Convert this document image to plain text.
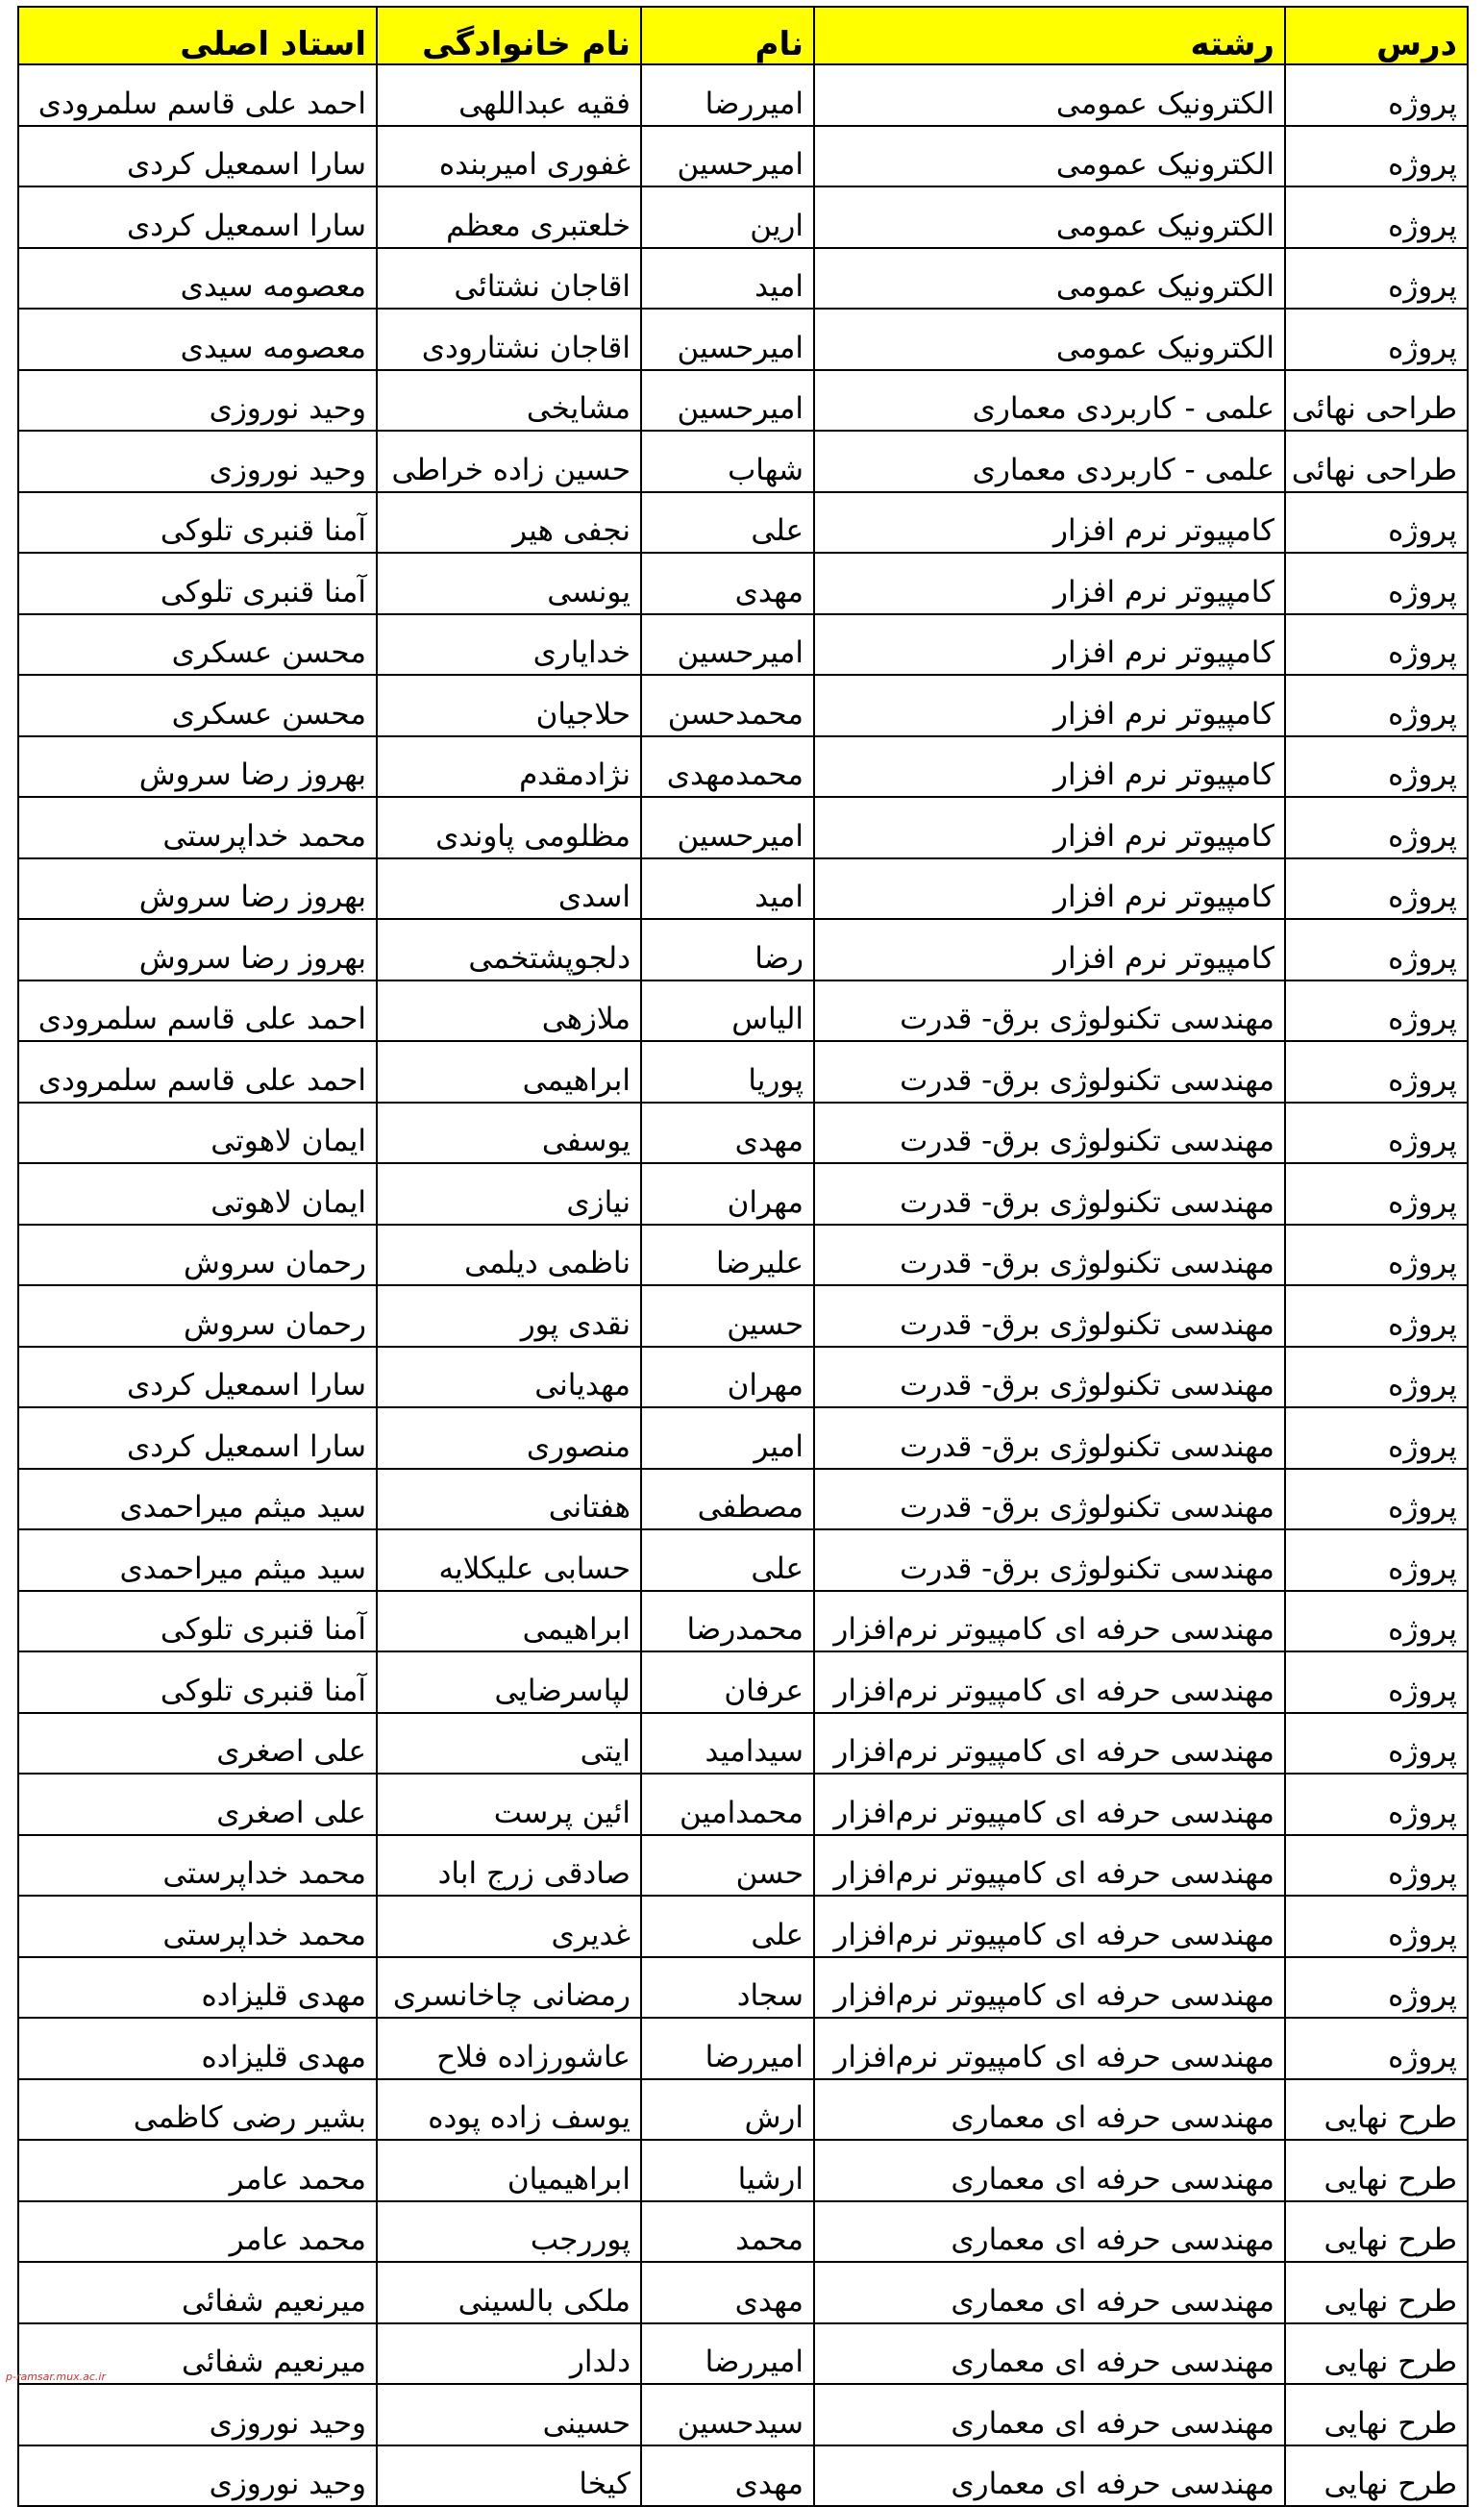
درس	رشته	نام	نام خانوادگی	استاد اصلی
پروژه	الکترونیک عمومی	امیررضا	فقیه عبداللهی	احمد علی قاسم سلمرودی
پروژه	الکترونیک عمومی	امیرحسین	غفوری امیربنده	سارا اسمعیل کردی
پروژه	الکترونیک عمومی	ارین	خلعتبری معظم	سارا اسمعیل کردی
پروژه	الکترونیک عمومی	امید	اقاجان نشتائی	معصومه سیدی
پروژه	الکترونیک عمومی	امیرحسین	اقاجان نشتارودی	معصومه سیدی
طراحی نهائی	علمی - کاربردی معماری	امیرحسین	مشایخی	وحید نوروزی
طراحی نهائی	علمی - کاربردی معماری	شهاب	حسین زاده خراطی	وحید نوروزی
پروژه	کامپیوتر نرم افزار	علی	نجفی هیر	آمنا قنبری تلوکی
پروژه	کامپیوتر نرم افزار	مهدی	یونسی	آمنا قنبری تلوکی
پروژه	کامپیوتر نرم افزار	امیرحسین	خدایاری	محسن عسکری
پروژه	کامپیوتر نرم افزار	محمدحسن	حلاجیان	محسن عسکری
پروژه	کامپیوتر نرم افزار	محمدمهدی	نژادمقدم	بهروز رضا سروش
پروژه	کامپیوتر نرم افزار	امیرحسین	مظلومی پاوندی	محمد خداپرستی
پروژه	کامپیوتر نرم افزار	امید	اسدی	بهروز رضا سروش
پروژه	کامپیوتر نرم افزار	رضا	دلجوپشتخمی	بهروز رضا سروش
پروژه	مهندسی تکنولوژی برق- قدرت	الیاس	ملازهی	احمد علی قاسم سلمرودی
پروژه	مهندسی تکنولوژی برق- قدرت	پوریا	ابراهیمی	احمد علی قاسم سلمرودی
پروژه	مهندسی تکنولوژی برق- قدرت	مهدی	یوسفی	ایمان لاهوتی
پروژه	مهندسی تکنولوژی برق- قدرت	مهران	نیازی	ایمان لاهوتی
پروژه	مهندسی تکنولوژی برق- قدرت	علیرضا	ناظمی دیلمی	رحمان سروش
پروژه	مهندسی تکنولوژی برق- قدرت	حسین	نقدی پور	رحمان سروش
پروژه	مهندسی تکنولوژی برق- قدرت	مهران	مهدیانی	سارا اسمعیل کردی
پروژه	مهندسی تکنولوژی برق- قدرت	امیر	منصوری	سارا اسمعیل کردی
پروژه	مهندسی تکنولوژی برق- قدرت	مصطفی	هفتانی	سید میثم میراحمدی
پروژه	مهندسی تکنولوژی برق- قدرت	علی	حسابی علیکلایه	سید میثم میراحمدی
پروژه	مهندسی حرفه ای کامپیوتر نرم‌افزار	محمدرضا	ابراهیمی	آمنا قنبری تلوکی
پروژه	مهندسی حرفه ای کامپیوتر نرم‌افزار	عرفان	لپاسرضایی	آمنا قنبری تلوکی
پروژه	مهندسی حرفه ای کامپیوتر نرم‌افزار	سیدامید	ایتی	علی اصغری
پروژه	مهندسی حرفه ای کامپیوتر نرم‌افزار	محمدامین	ائین پرست	علی اصغری
پروژه	مهندسی حرفه ای کامپیوتر نرم‌افزار	حسن	صادقی زرج اباد	محمد خداپرستی
پروژه	مهندسی حرفه ای کامپیوتر نرم‌افزار	علی	غدیری	محمد خداپرستی
پروژه	مهندسی حرفه ای کامپیوتر نرم‌افزار	سجاد	رمضانی چاخانسری	مهدی قلیزاده
پروژه	مهندسی حرفه ای کامپیوتر نرم‌افزار	امیررضا	عاشورزاده فلاح	مهدی قلیزاده
طرح نهایی	مهندسی حرفه ای معماری	ارش	یوسف زاده پوده	بشیر رضی کاظمی
طرح نهایی	مهندسی حرفه ای معماری	ارشیا	ابراهیمیان	محمد عامر
طرح نهایی	مهندسی حرفه ای معماری	محمد	پوررجب	محمد عامر
طرح نهایی	مهندسی حرفه ای معماری	مهدی	ملکی بالسینی	میرنعیم شفائی
طرح نهایی	مهندسی حرفه ای معماری	امیررضا	دلدار	میرنعیم شفائی
طرح نهایی	مهندسی حرفه ای معماری	سیدحسین	حسینی	وحید نوروزی
طرح نهایی	مهندسی حرفه ای معماری	مهدی	کیخا	وحید نوروزی
p-ramsar.mux.ac.ir
